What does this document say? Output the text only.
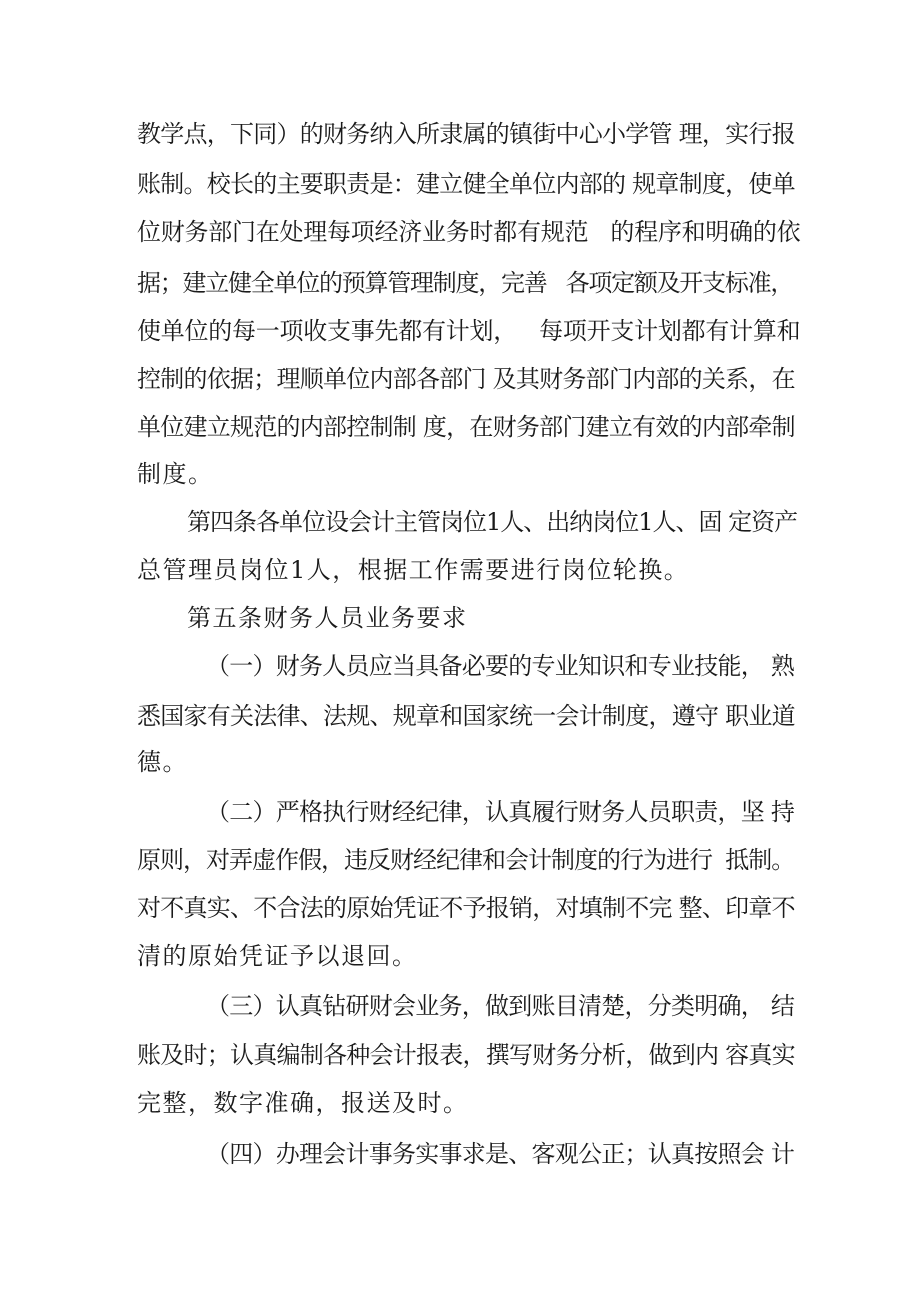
教学点，下同）的财务纳入所隶属的镇街中心小学管 理，实行报
账制。校长的主要职责是：建立健全单位内部的 规章制度，使单
位财务部门在处理每项经济业务时都有规范   的程序和明确的依
据；建立健全单位的预算管理制度，完善   各项定额及开支标准，
使单位的每一项收支事先都有计划，   每项开支计划都有计算和
控制的依据；理顺单位内部各部门 及其财务部门内部的关系，在
单位建立规范的内部控制制 度，在财务部门建立有效的内部牵制
制度。
第四条各单位设会计主管岗位1人、出纳岗位1人、固 定资产
总管理员岗位1人，根据工作需要进行岗位轮换。
第五条财务人员业务要求
（一）财务人员应当具备必要的专业知识和专业技能， 熟
悉国家有关法律、法规、规章和国家统一会计制度，遵守 职业道
德。
（二）严格执行财经纪律，认真履行财务人员职责，坚 持
原则，对弄虚作假，违反财经纪律和会计制度的行为进行  抵制。
对不真实、不合法的原始凭证不予报销，对填制不完 整、印章不
清的原始凭证予以退回。
（三）认真钻研财会业务，做到账目清楚，分类明确， 结
账及时；认真编制各种会计报表，撰写财务分析，做到内 容真实
完整，数字准确，报送及时。
（四）办理会计事务实事求是、客观公正；认真按照会 计
